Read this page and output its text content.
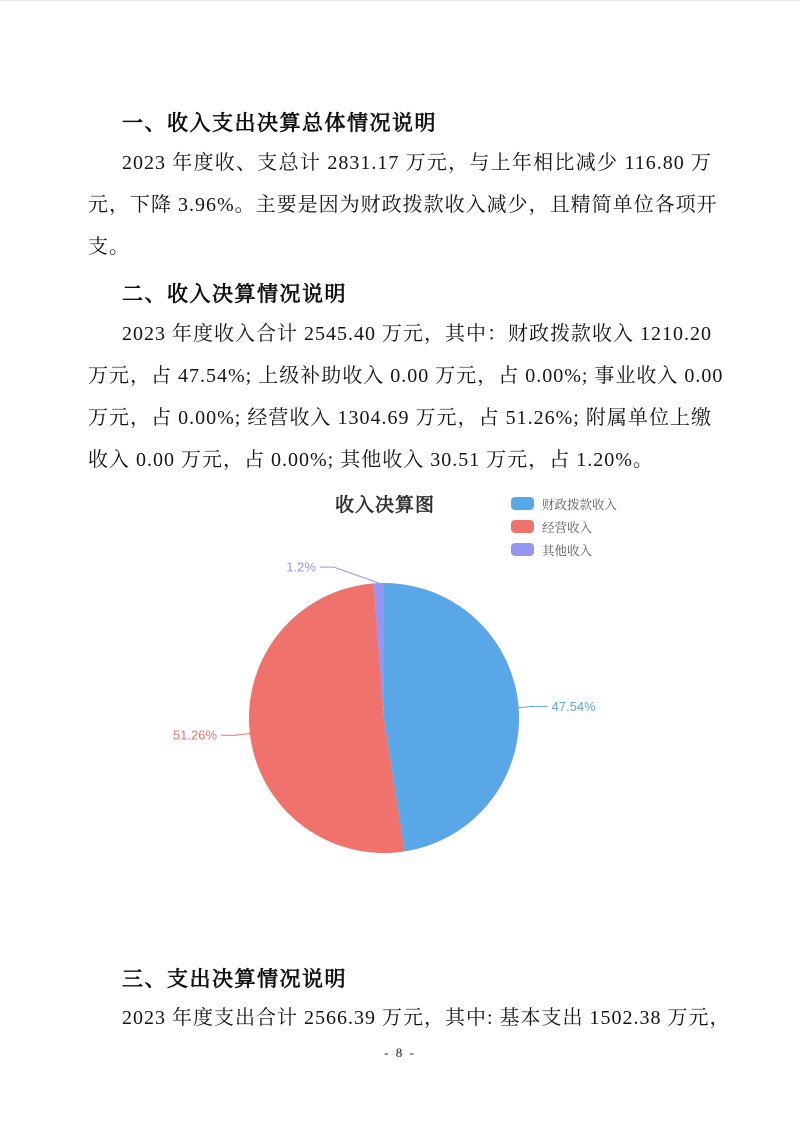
一、收入支出决算总体情况说明
2023 年度收、支总计 2831.17 万元，与上年相比减少 116.80 万
元，下降 3.96%。主要是因为财政拨款收入减少，且精简单位各项开
支。
二、收入决算情况说明
2023 年度收入合计 2545.40 万元，其中：财政拨款收入 1210.20
万元，占 47.54%; 上级补助收入 0.00 万元，占 0.00%; 事业收入 0.00
万元，占 0.00%; 经营收入 1304.69 万元，占 51.26%; 附属单位上缴
收入 0.00 万元，占 0.00%; 其他收入 30.51 万元，占 1.20%。
收入决算图	财政拨款收入
经营收入
其他收入
47.54%
51.26%
1.2%
三、支出决算情况说明
2023 年度支出合计 2566.39 万元，其中: 基本支出 1502.38 万元，
- 8 -
